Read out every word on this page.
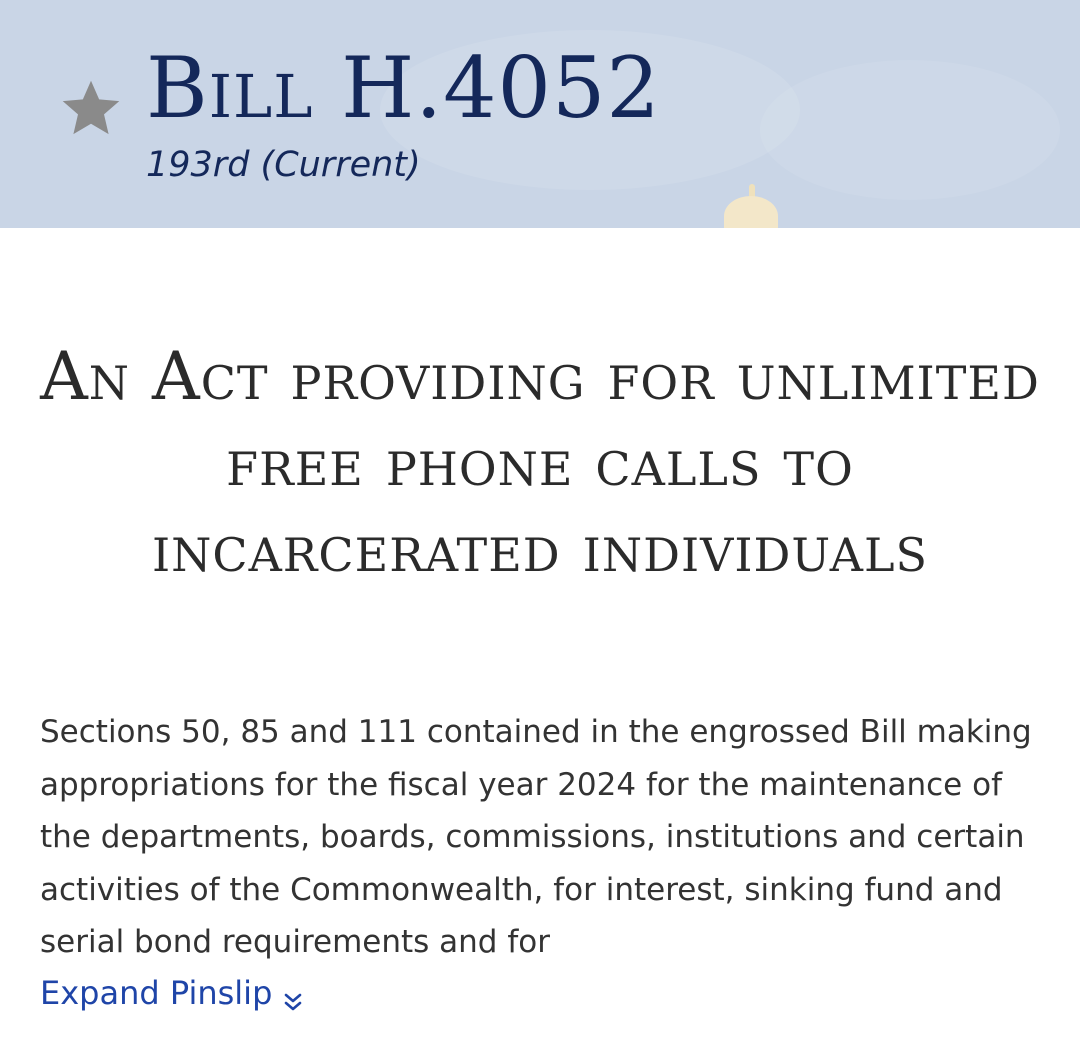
Bill H.4052
193rd (Current)
An Act providing for unlimited free phone calls to incarcerated individuals

Sections 50, 85 and 111 contained in the engrossed Bill making appropriations for the fiscal year 2024 for the maintenance of the departments, boards, commissions, institutions and certain activities of the Commonwealth, for interest, sinking fund and serial bond requirements and for

Expand Pinslip
